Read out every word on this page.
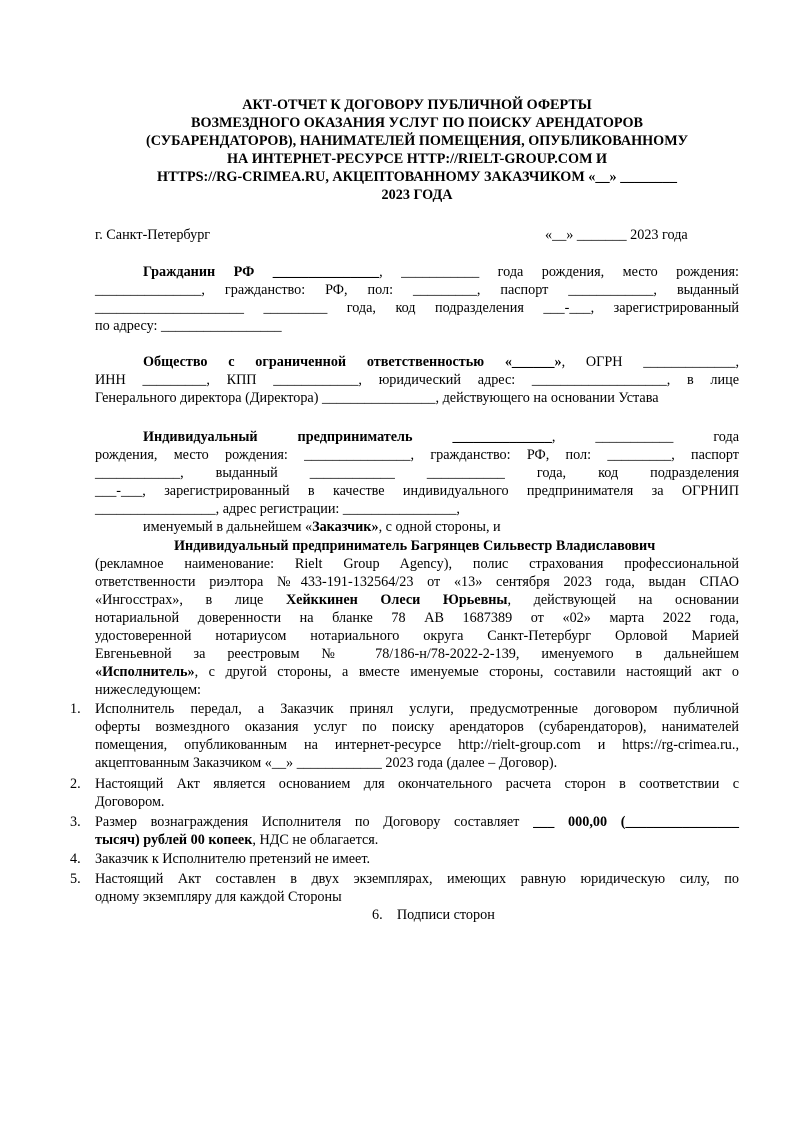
АКТ-ОТЧЕТ К ДОГОВОРУ ПУБЛИЧНОЙ ОФЕРТЫ
ВОЗМЕЗДНОГО ОКАЗАНИЯ УСЛУГ ПО ПОИСКУ АРЕНДАТОРОВ
(СУБАРЕНДАТОРОВ), НАНИМАТЕЛЕЙ ПОМЕЩЕНИЯ, ОПУБЛИКОВАННОМУ
НА ИНТЕРНЕТ-РЕСУРСЕ HTTP://RIELT-GROUP.COM И
HTTPS://RG-CRIMEA.RU, АКЦЕПТОВАННОМУ ЗАКАЗЧИКОМ «__» ________
2023 ГОДА
г. Санкт-Петербург	«__» _______ 2023 года
Гражданин РФ _______________, ___________ года рождения, место рождения:
_______________, гражданство: РФ, пол: _________, паспорт ____________, выданный
_____________________ _________ года, код подразделения ___-___, зарегистрированный
по адресу: _________________
Общество с ограниченной ответственностью «______», ОГРН _____________,
ИНН _________, КПП ____________, юридический адрес: ___________________, в лице
Генерального директора (Директора) ________________, действующего на основании Устава
Индивидуальный предприниматель ______________, ___________ года
рождения, место рождения: _______________, гражданство: РФ, пол: _________, паспорт
____________, выданный ____________ ___________ года, код подразделения
___-___, зарегистрированный в качестве индивидуального предпринимателя за ОГРНИП
_________________, адрес регистрации: ________________,
именуемый в дальнейшем «Заказчик», с одной стороны, и
Индивидуальный предприниматель Багрянцев Сильвестр Владиславович
(рекламное наименование: Rielt Group Agency), полис страхования профессиональной
ответственности риэлтора №433-191-132564/23 от «13» сентября 2023 года, выдан СПАО
«Ингосстрах», в лице Хейккинен Олеси Юрьевны, действующей на основании
нотариальной доверенности на бланке 78 АВ 1687389 от «02» марта 2022 года,
удостоверенной нотариусом нотариального округа Санкт-Петербург Орловой Марией
Евгеньевной за реестровым № 78/186-н/78-2022-2-139, именуемого в дальнейшем
«Исполнитель», с другой стороны, а вместе именуемые стороны, составили настоящий акт о
нижеследующем:
1.	Исполнитель передал, а Заказчик принял услуги, предусмотренные договором публичной
оферты возмездного оказания услуг по поиску арендаторов (субарендаторов), нанимателей
помещения, опубликованным на интернет-ресурсе http://rielt-group.com и https://rg-crimea.ru.,
акцептованным Заказчиком «__» ____________ 2023 года (далее – Договор).
2.	Настоящий Акт является основанием для окончательного расчета сторон в соответствии с
Договором.
3.	Размер вознаграждения Исполнителя по Договору составляет ___ 000,00 (________________
тысяч) рублей 00 копеек, НДС не облагается.
4.	Заказчик к Исполнителю претензий не имеет.
5.	Настоящий Акт составлен в двух экземплярах, имеющих равную юридическую силу, по
одному экземпляру для каждой Стороны
6. Подписи сторон
